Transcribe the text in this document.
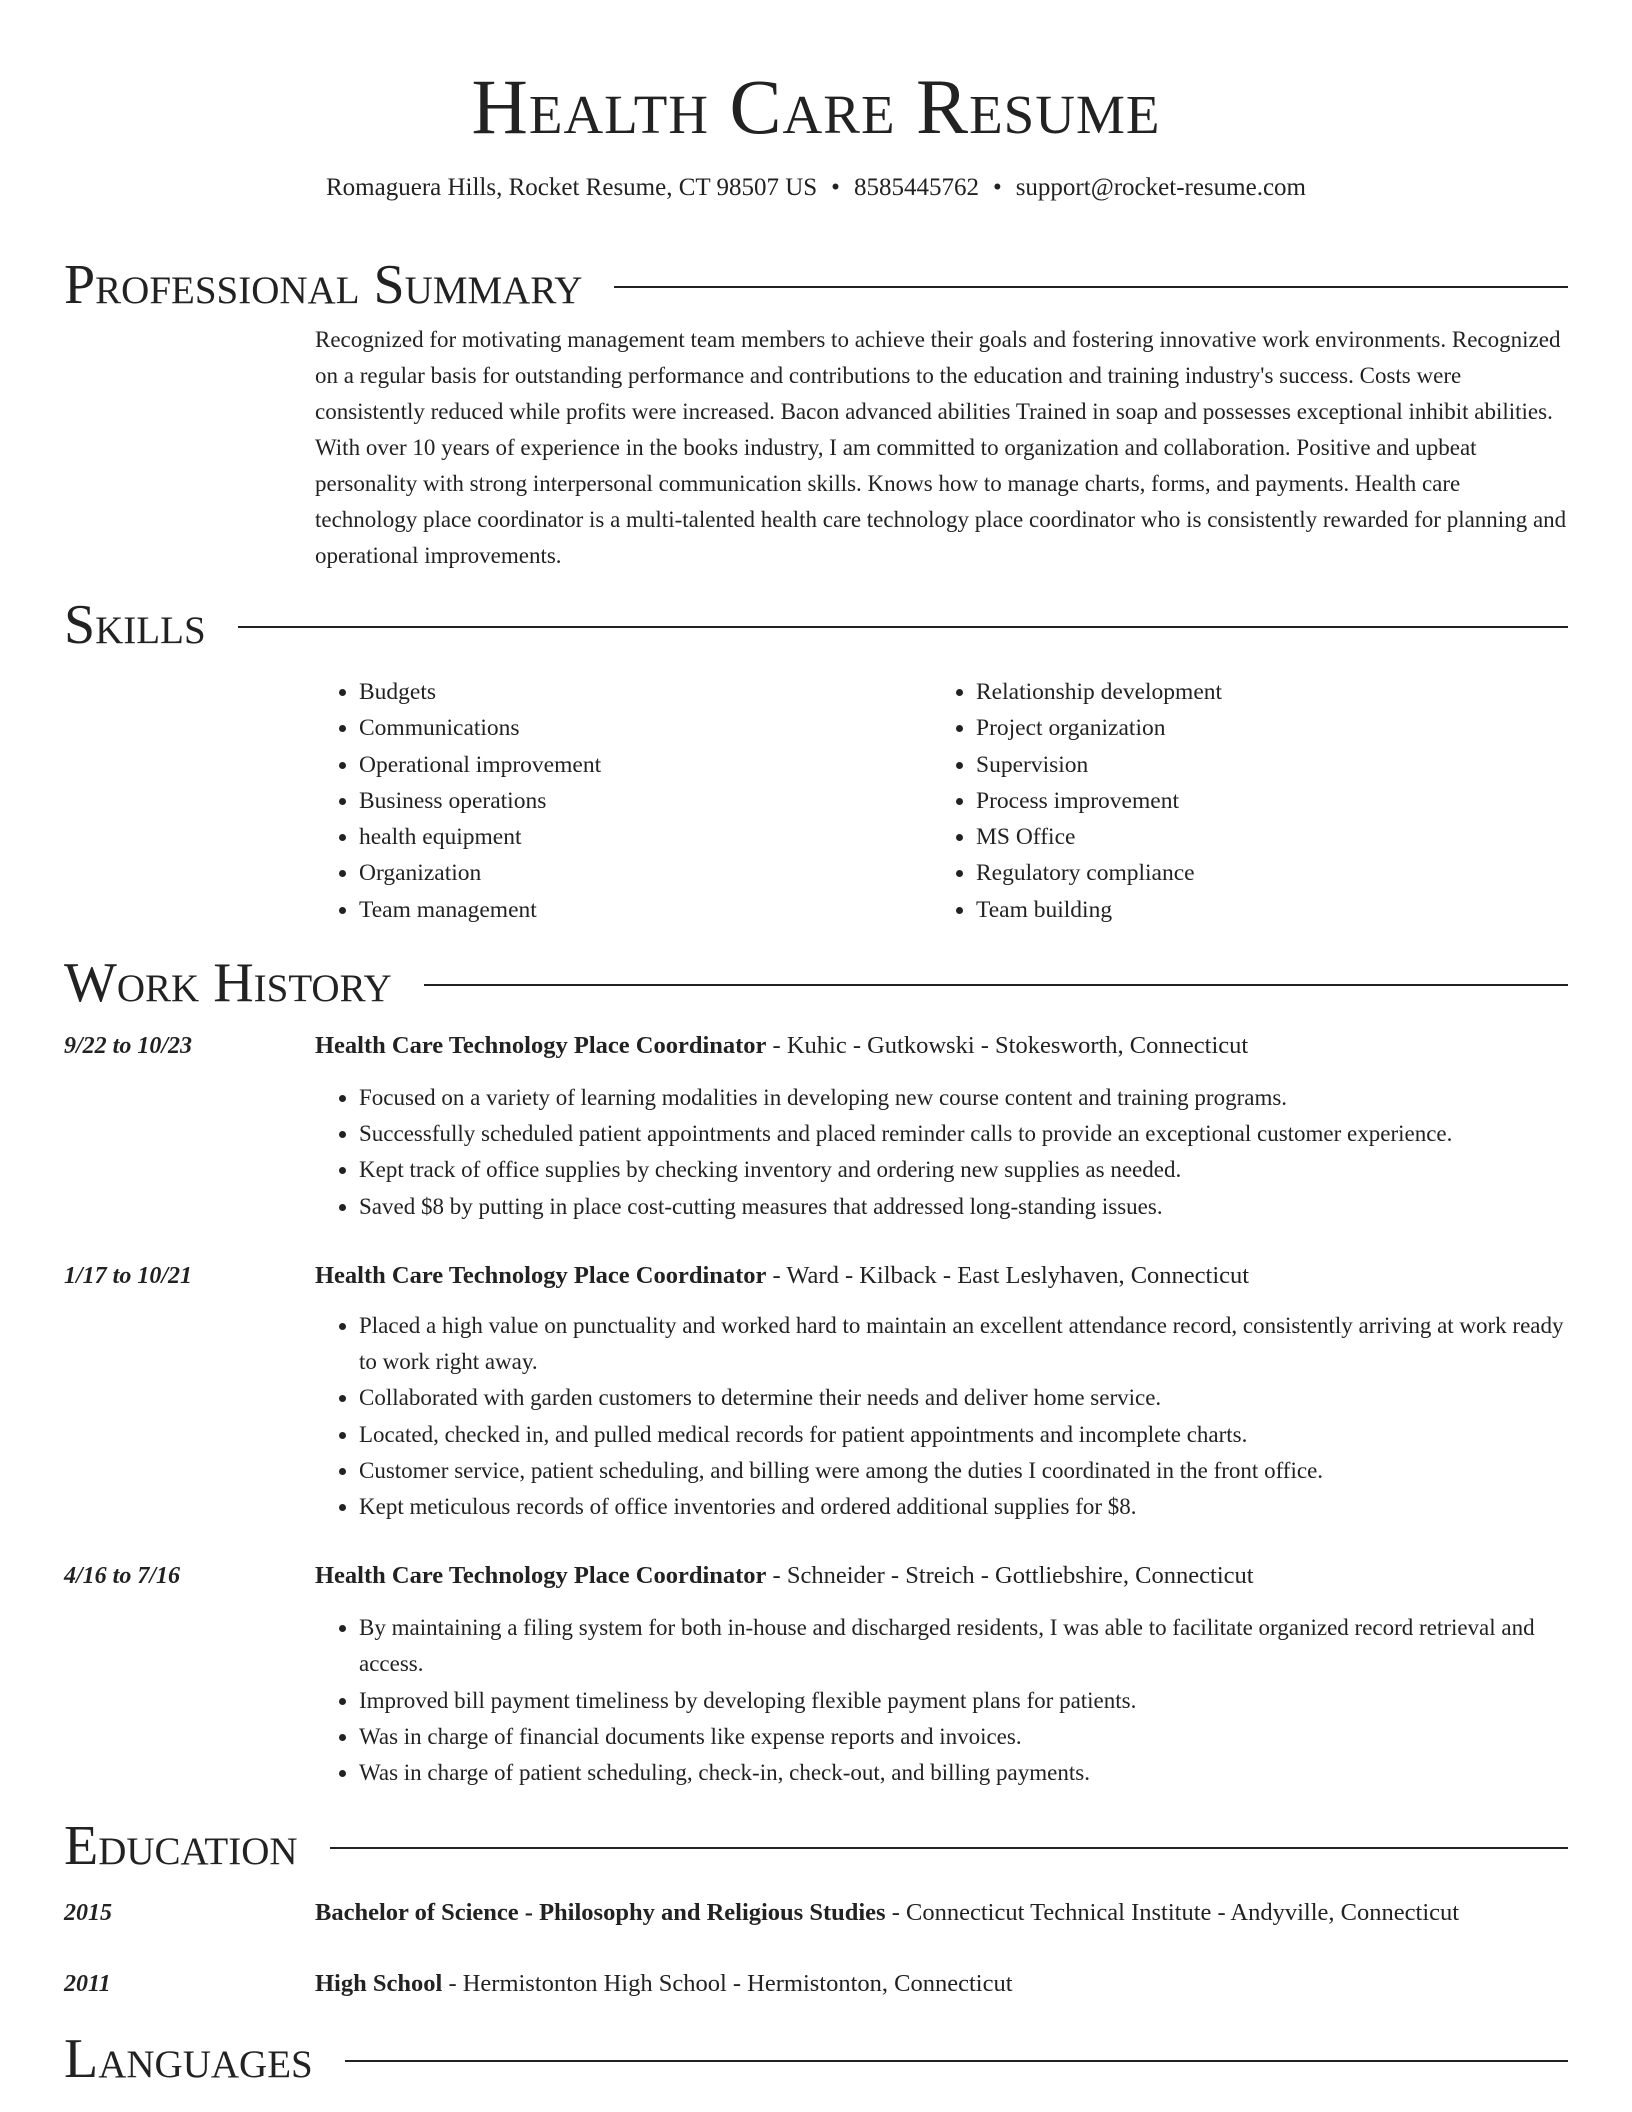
Health Care Resume
Romaguera Hills, Rocket Resume, CT 98507 US • 8585445762 • support@rocket-resume.com
Professional Summary
Recognized for motivating management team members to achieve their goals and fostering innovative work environments. Recognized on a regular basis for outstanding performance and contributions to the education and training industry's success. Costs were consistently reduced while profits were increased. Bacon advanced abilities Trained in soap and possesses exceptional inhibit abilities. With over 10 years of experience in the books industry, I am committed to organization and collaboration. Positive and upbeat personality with strong interpersonal communication skills. Knows how to manage charts, forms, and payments. Health care technology place coordinator is a multi-talented health care technology place coordinator who is consistently rewarded for planning and operational improvements.
Skills
• Budgets
• Communications
• Operational improvement
• Business operations
• health equipment
• Organization
• Team management
• Relationship development
• Project organization
• Supervision
• Process improvement
• MS Office
• Regulatory compliance
• Team building
Work History
9/22 to 10/23	Health Care Technology Place Coordinator - Kuhic - Gutkowski - Stokesworth, Connecticut
• Focused on a variety of learning modalities in developing new course content and training programs.
• Successfully scheduled patient appointments and placed reminder calls to provide an exceptional customer experience.
• Kept track of office supplies by checking inventory and ordering new supplies as needed.
• Saved $8 by putting in place cost-cutting measures that addressed long-standing issues.
1/17 to 10/21	Health Care Technology Place Coordinator - Ward - Kilback - East Leslyhaven, Connecticut
• Placed a high value on punctuality and worked hard to maintain an excellent attendance record, consistently arriving at work ready to work right away.
• Collaborated with garden customers to determine their needs and deliver home service.
• Located, checked in, and pulled medical records for patient appointments and incomplete charts.
• Customer service, patient scheduling, and billing were among the duties I coordinated in the front office.
• Kept meticulous records of office inventories and ordered additional supplies for $8.
4/16 to 7/16	Health Care Technology Place Coordinator - Schneider - Streich - Gottliebshire, Connecticut
• By maintaining a filing system for both in-house and discharged residents, I was able to facilitate organized record retrieval and access.
• Improved bill payment timeliness by developing flexible payment plans for patients.
• Was in charge of financial documents like expense reports and invoices.
• Was in charge of patient scheduling, check-in, check-out, and billing payments.
Education
2015	Bachelor of Science - Philosophy and Religious Studies - Connecticut Technical Institute - Andyville, Connecticut
2011	High School - Hermistonton High School - Hermistonton, Connecticut
Languages
